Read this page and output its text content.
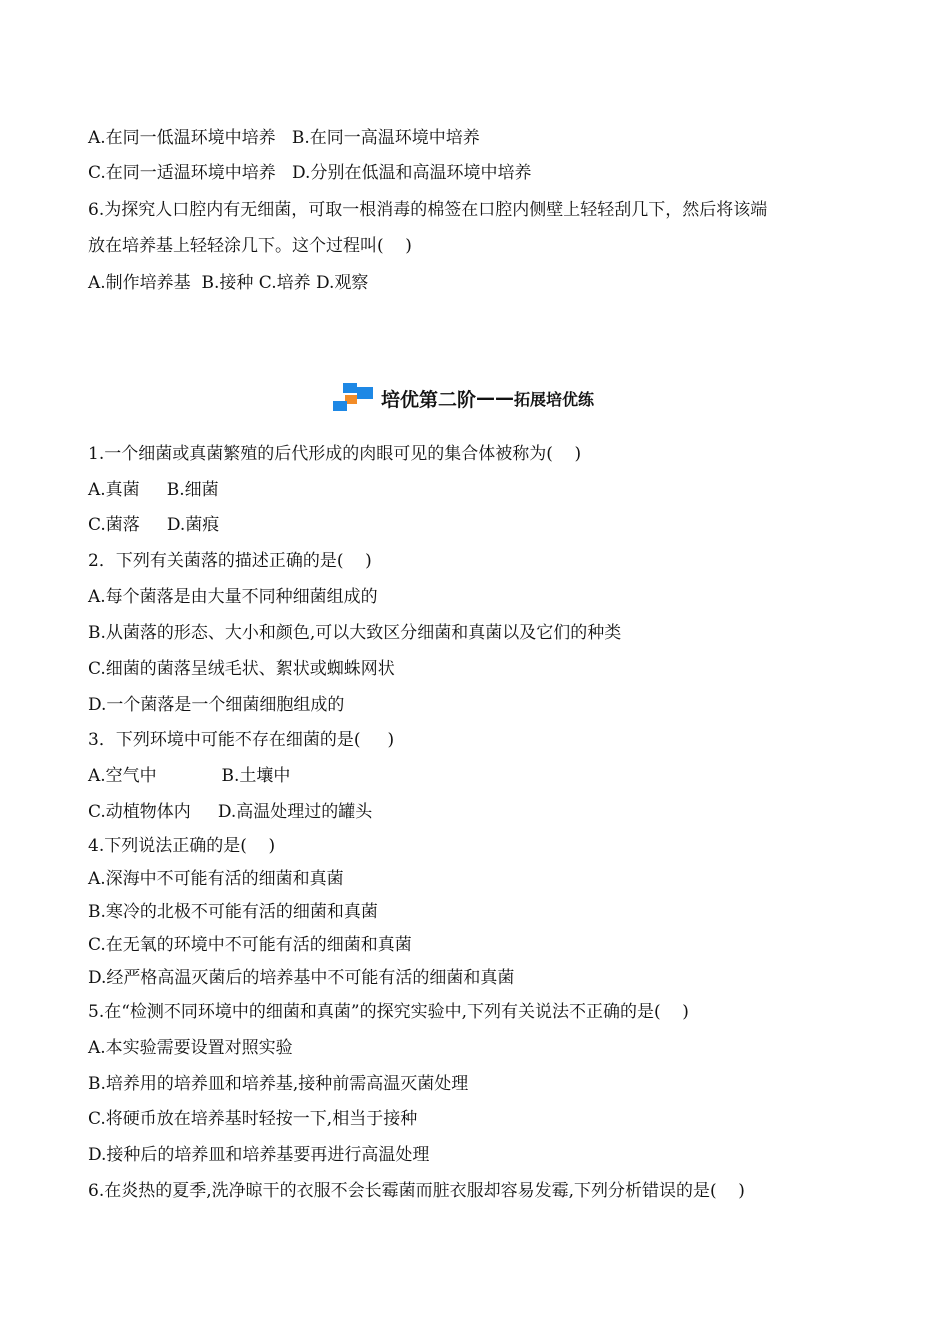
A.在同一低温环境中培养   B.在同一高温环境中培养
C.在同一适温环境中培养   D.分别在低温和高温环境中培养
6.为探究人口腔内有无细菌，可取一根消毒的棉签在口腔内侧壁上轻轻刮几下，然后将该端
放在培养基上轻轻涂几下。这个过程叫(    )
A.制作培养基  B.接种 C.培养 D.观察
培优第二阶 —— 拓展培优练
1.一个细菌或真菌繁殖的后代形成的肉眼可见的集合体被称为(    )
A.真菌     B.细菌
C.菌落     D.菌痕
2．下列有关菌落的描述正确的是(    )
A.每个菌落是由大量不同种细菌组成的
B.从菌落的形态、大小和颜色,可以大致区分细菌和真菌以及它们的种类
C.细菌的菌落呈绒毛状、絮状或蜘蛛网状
D.一个菌落是一个细菌细胞组成的
3．下列环境中可能不存在细菌的是(     )
A.空气中            B.土壤中
C.动植物体内     D.高温处理过的罐头
4.下列说法正确的是(    )
A.深海中不可能有活的细菌和真菌
B.寒冷的北极不可能有活的细菌和真菌
C.在无氧的环境中不可能有活的细菌和真菌
D.经严格高温灭菌后的培养基中不可能有活的细菌和真菌
5.在“检测不同环境中的细菌和真菌”的探究实验中,下列有关说法不正确的是(    )
A.本实验需要设置对照实验
B.培养用的培养皿和培养基,接种前需高温灭菌处理
C.将硬币放在培养基时轻按一下,相当于接种
D.接种后的培养皿和培养基要再进行高温处理
6.在炎热的夏季,洗净晾干的衣服不会长霉菌而脏衣服却容易发霉,下列分析错误的是(    )
